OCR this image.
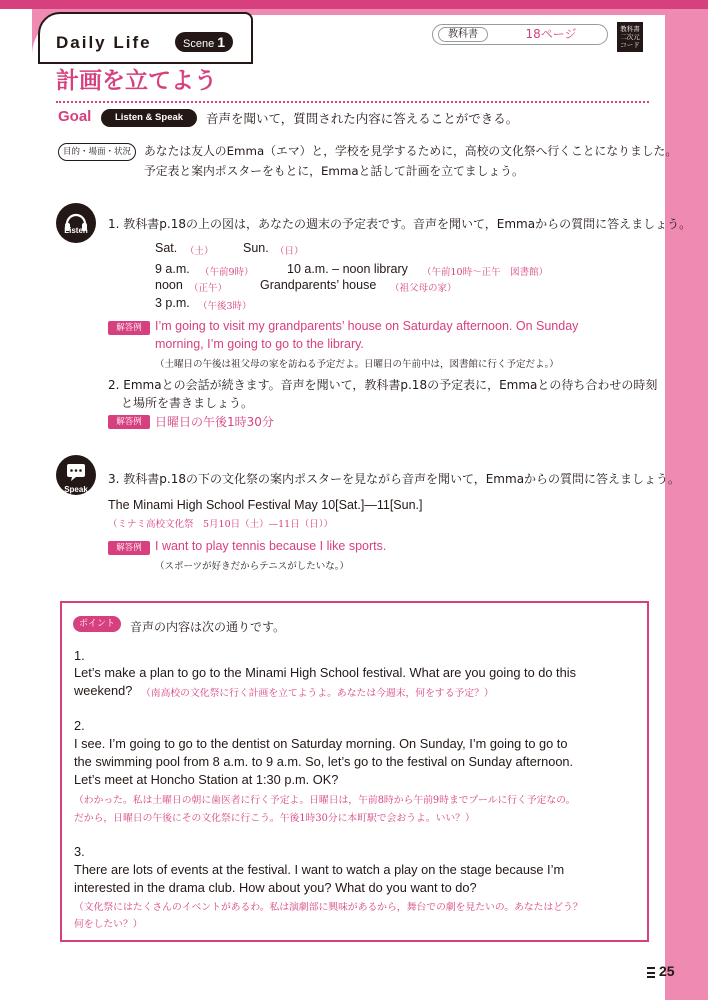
Daily Life	Scene 1	教科書	18ページ	教科書
二次元
コード
計画を立てよう
Goal	Listen & Speak	音声を聞いて，質問された内容に答えることができる。
目的・場面・状況	あなたは友人のEmma（エマ）と，学校を見学するために，高校の文化祭へ行くことになりました。
予定表と案内ポスターをもとに，Emmaと話して計画を立てましょう。
Listen	1. 教科書p.18の上の図は，あなたの週末の予定表です。音声を聞いて，Emmaからの質問に答えましょう。
Sat. （土） Sun. （日）
9 a.m. （午前9時）	10 a.m. – noon library （午前10時～正午　図書館）
noon （正午）	Grandparents’ house （祖父母の家）
3 p.m. （午後3時）
解答例	I’m going to visit my grandparents’ house on Saturday afternoon. On Sunday
morning, I’m going to go to the library.
（土曜日の午後は祖父母の家を訪ねる予定だよ。日曜日の午前中は，図書館に行く予定だよ。）
2. Emmaとの会話が続きます。音声を聞いて，教科書p.18の予定表に，Emmaとの待ち合わせの時刻
と場所を書きましょう。
解答例	日曜日の午後1時30分
Speak
3. 教科書p.18の下の文化祭の案内ポスターを見ながら音声を聞いて，Emmaからの質問に答えましょう。
The Minami High School Festival May 10[Sat.]—11[Sun.]
（ミナミ高校文化祭　5月10日（土）—11日（日））
解答例	I want to play tennis because I like sports.
（スポーツが好きだからテニスがしたいな。）
ポイント	音声の内容は次の通りです。
1.
Let’s make a plan to go to the Minami High School festival. What are you going to do this
weekend? （南高校の文化祭に行く計画を立てようよ。あなたは今週末，何をする予定？）
2.
I see. I’m going to go to the dentist on Saturday morning. On Sunday, I’m going to go to
the swimming pool from 8 a.m. to 9 a.m. So, let’s go to the festival on Sunday afternoon.
Let’s meet at Honcho Station at 1:30 p.m. OK?
（わかった。私は土曜日の朝に歯医者に行く予定よ。日曜日は，午前8時から午前9時までプールに行く予定なの。
だから，日曜日の午後にその文化祭に行こう。午後1時30分に本町駅で会おうよ。いい？）
3.
There are lots of events at the festival. I want to watch a play on the stage because I’m
interested in the drama club. How about you? What do you want to do?
（文化祭にはたくさんのイベントがあるわ。私は演劇部に興味があるから，舞台での劇を見たいの。あなたはどう？
何をしたい？）
25
